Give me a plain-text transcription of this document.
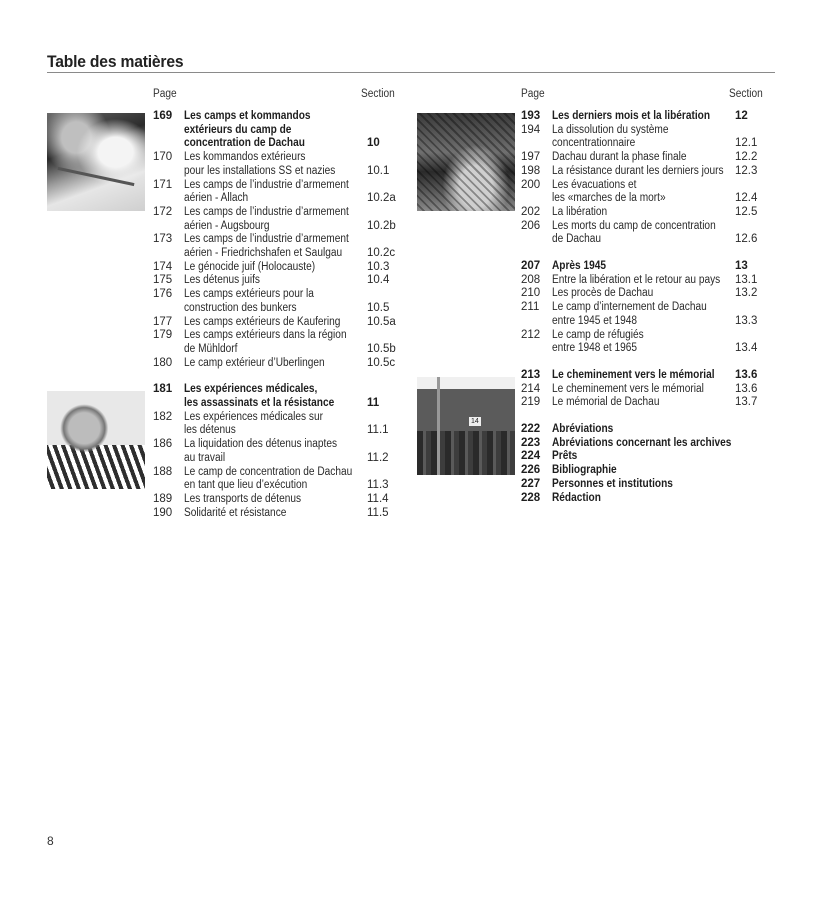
Table des matières
14
Page	Section
169	Les camps et kommandos
extérieurs du camp de
concentration de Dachau	10
170	Les kommandos extérieurs
pour les installations SS et nazies	10.1
171	Les camps de l’industrie d’armement
aérien - Allach	10.2a
172	Les camps de l’industrie d’armement
aérien - Augsbourg	10.2b
173	Les camps de l’industrie d’armement
aérien - Friedrichshafen et Saulgau	10.2c
174	Le génocide juif (Holocauste)	10.3
175	Les détenus juifs	10.4
176	Les camps extérieurs pour la
construction des bunkers	10.5
177	Les camps extérieurs de Kaufering	10.5a
179	Les camps extérieurs dans la région
de Mühldorf	10.5b
180	Le camp extérieur d’Überlingen	10.5c
181	Les expériences médicales,
les assassinats et la résistance	11
182	Les expériences médicales sur
les détenus	11.1
186	La liquidation des détenus inaptes
au travail	11.2
188	Le camp de concentration de Dachau
en tant que lieu d’exécution	11.3
189	Les transports de détenus	11.4
190	Solidarité et résistance	11.5
Page	Section
193	Les derniers mois et la libération	12
194	La dissolution du système
concentrationnaire	12.1
197	Dachau durant la phase finale	12.2
198	La résistance durant les derniers jours 12.3
200	Les évacuations et
les «marches de la mort»	12.4
202	La libération	12.5
206	Les morts du camp de concentration
de Dachau	12.6
207	Après 1945	13
208	Entre la libération et le retour au pays 13.1
210	Les procès de Dachau	13.2
211	Le camp d’internement de Dachau
entre 1945 et 1948	13.3
212	Le camp de réfugiés
entre 1948 et 1965	13.4
213	Le cheminement vers le mémorial	13.6
214	Le cheminement vers le mémorial	13.6
219	Le mémorial de Dachau	13.7
222	Abréviations
223	Abréviations concernant les archives
224	Prêts
226	Bibliographie
227	Personnes et institutions
228	Rédaction
8
